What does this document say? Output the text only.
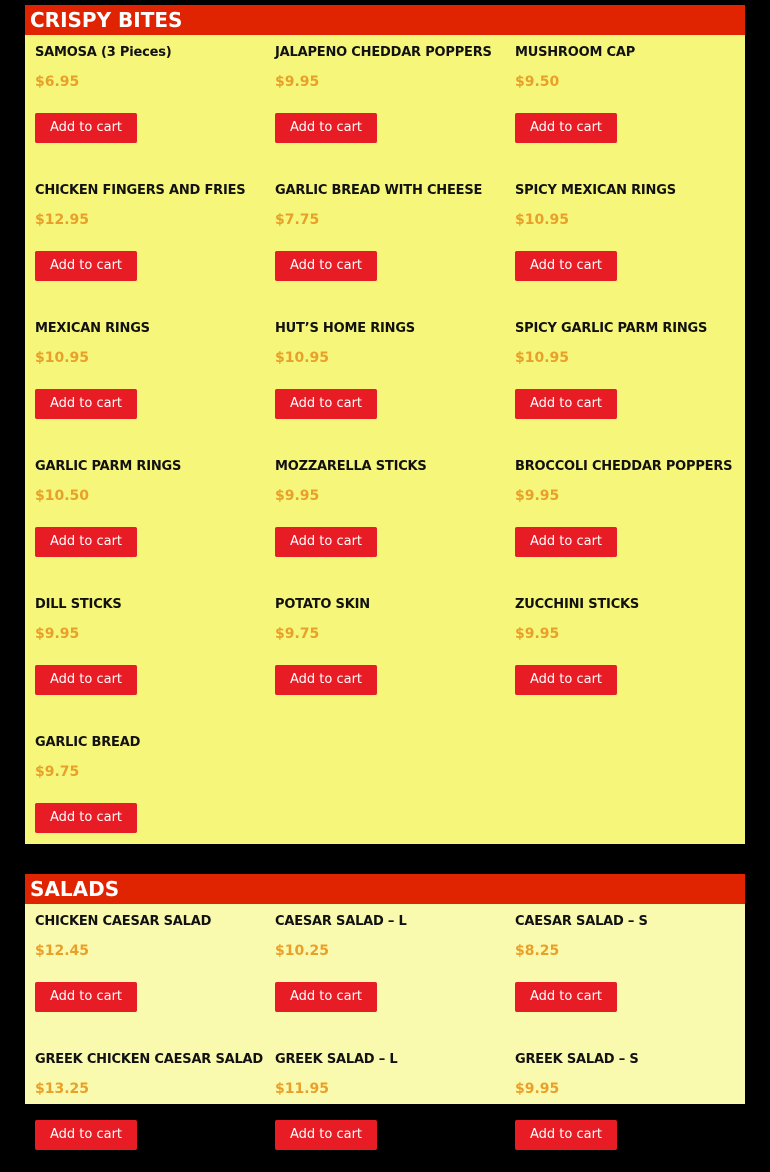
CRISPY BITES
SAMOSA (3 Pieces)
$6.95
Add to cart
JALAPENO CHEDDAR POPPERS
$9.95
Add to cart
MUSHROOM CAP
$9.50
Add to cart
CHICKEN FINGERS AND FRIES
$12.95
Add to cart
GARLIC BREAD WITH CHEESE
$7.75
Add to cart
SPICY MEXICAN RINGS
$10.95
Add to cart
MEXICAN RINGS
$10.95
Add to cart
HUT’S HOME RINGS
$10.95
Add to cart
SPICY GARLIC PARM RINGS
$10.95
Add to cart
GARLIC PARM RINGS
$10.50
Add to cart
MOZZARELLA STICKS
$9.95
Add to cart
BROCCOLI CHEDDAR POPPERS
$9.95
Add to cart
DILL STICKS
$9.95
Add to cart
POTATO SKIN
$9.75
Add to cart
ZUCCHINI STICKS
$9.95
Add to cart
GARLIC BREAD
$9.75
Add to cart
SALADS
CHICKEN CAESAR SALAD
$12.45
Add to cart
CAESAR SALAD – L
$10.25
Add to cart
CAESAR SALAD – S
$8.25
Add to cart
GREEK CHICKEN CAESAR SALAD
$13.25
Add to cart
GREEK SALAD – L
$11.95
Add to cart
GREEK SALAD – S
$9.95
Add to cart
